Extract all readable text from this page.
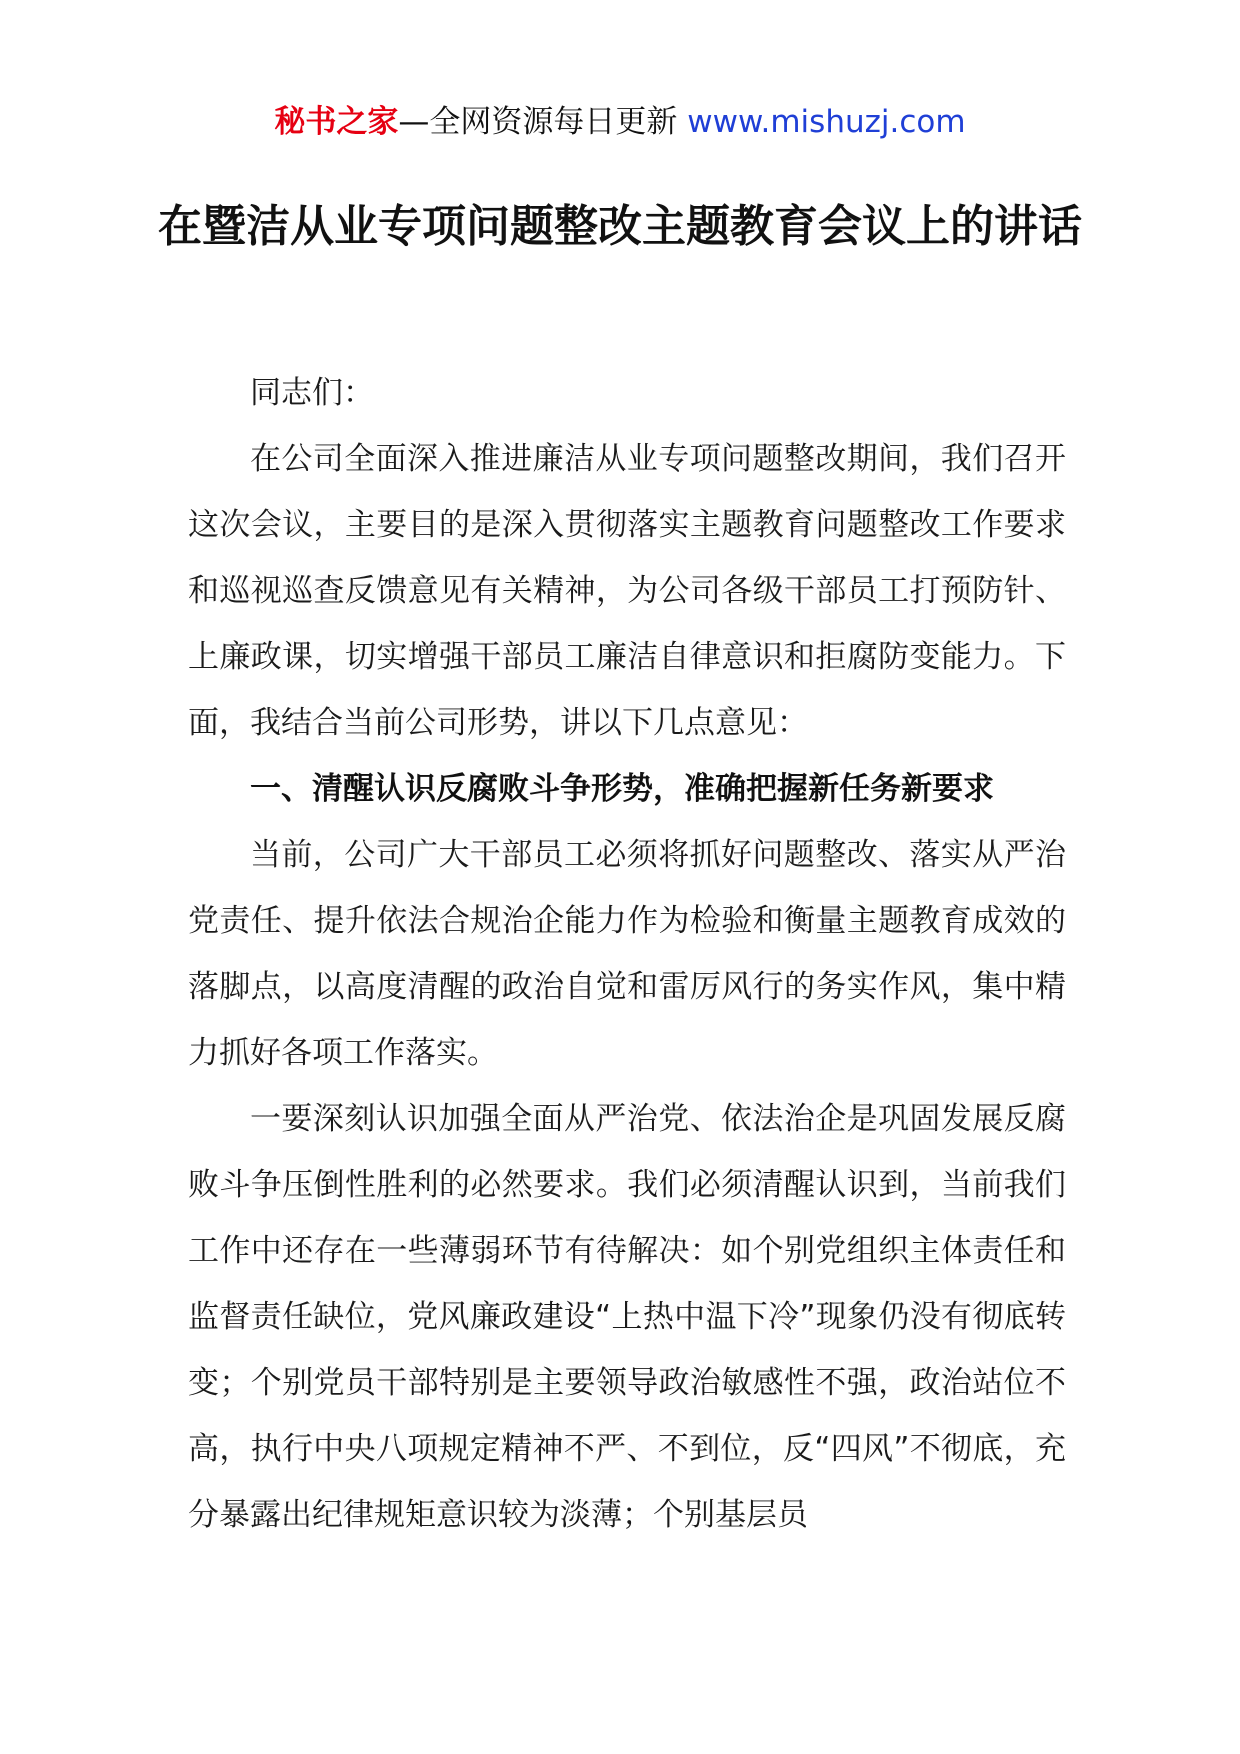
秘书之家—全网资源每日更新 www.mishuzj.com
在暨洁从业专项问题整改主题教育会议上的讲话

同志们：

在公司全面深入推进廉洁从业专项问题整改期间，我们召开这次会议，主要目的是深入贯彻落实主题教育问题整改工作要求和巡视巡查反馈意见有关精神，为公司各级干部员工打预防针、上廉政课，切实增强干部员工廉洁自律意识和拒腐防变能力。下面，我结合当前公司形势，讲以下几点意见：

一、清醒认识反腐败斗争形势，准确把握新任务新要求

当前，公司广大干部员工必须将抓好问题整改、落实从严治党责任、提升依法合规治企能力作为检验和衡量主题教育成效的落脚点，以高度清醒的政治自觉和雷厉风行的务实作风，集中精力抓好各项工作落实。

一要深刻认识加强全面从严治党、依法治企是巩固发展反腐败斗争压倒性胜利的必然要求。我们必须清醒认识到，当前我们工作中还存在一些薄弱环节有待解决：如个别党组织主体责任和监督责任缺位，党风廉政建设“上热中温下冷”现象仍没有彻底转变；个别党员干部特别是主要领导政治敏感性不强，政治站位不高，执行中央八项规定精神不严、不到位，反“四风”不彻底，充分暴露出纪律规矩意识较为淡薄；个别基层员
